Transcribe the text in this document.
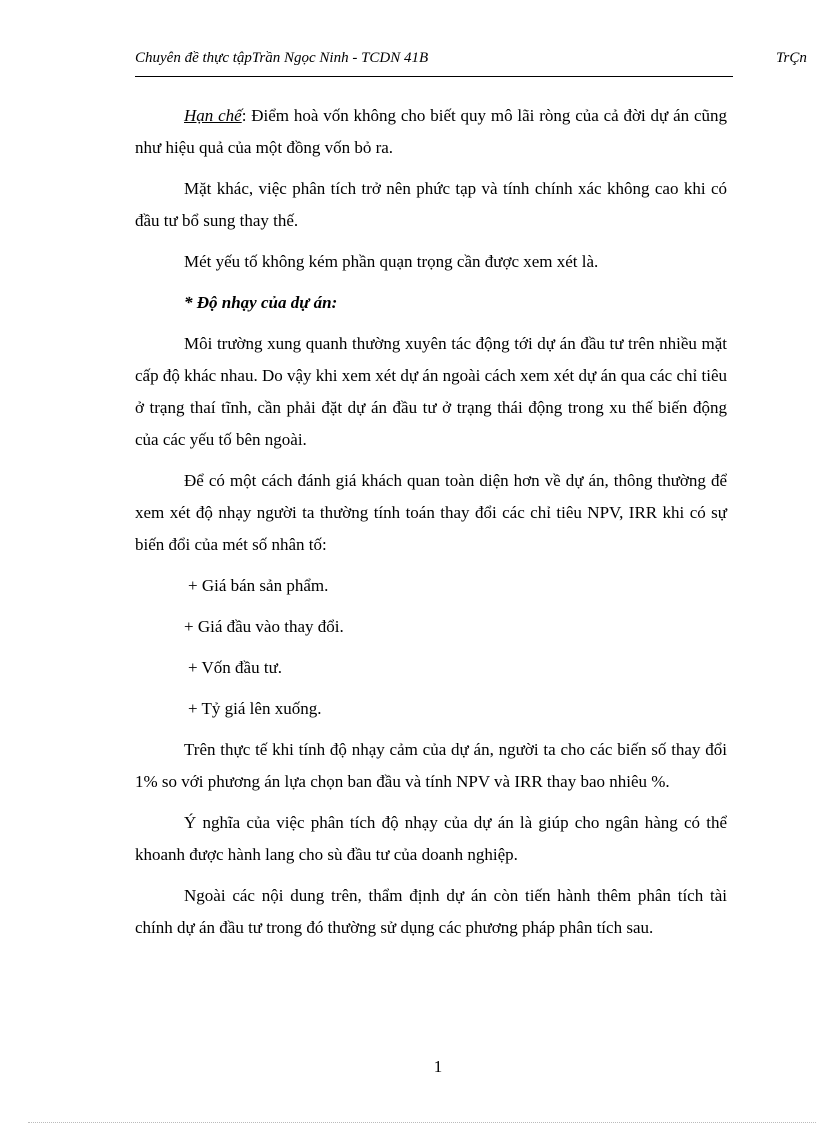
Chuyên đề thực tậpTrần Ngọc Ninh - TCDN 41B	TrÇn

Hạn chế: Điểm hoà vốn không cho biết quy mô lãi ròng của cả đời dự án cũng như hiệu quả của một đồng vốn bỏ ra.

Mặt khác, việc phân tích trở nên phức tạp và tính chính xác không cao khi có đầu tư bổ sung thay thế.

Mét yếu tố không kém phần quạn trọng cần được xem xét là.

* Độ nhạy của dự án:

Môi trường xung quanh thường xuyên tác động tới dự án đầu tư trên nhiều mặt cấp độ khác nhau. Do vậy khi xem xét dự án ngoài cách xem xét dự án qua các chỉ tiêu ở trạng thaí tĩnh, cần phải đặt dự án đầu tư ở trạng thái động trong xu thế biến động của các yếu tố bên ngoài.

Để có một cách đánh giá khách quan toàn diện hơn về dự án, thông thường để xem xét độ nhạy người ta thường tính toán thay đổi các chỉ tiêu NPV, IRR khi có sự biến đổi của mét số nhân tố:

+ Giá bán sản phẩm.
+ Giá đầu vào thay đổi.
+ Vốn đầu tư.
+ Tỷ giá lên xuống.

Trên thực tế khi tính độ nhạy cảm của dự án, người ta cho các biến số thay đổi 1% so với phương án lựa chọn ban đầu và tính NPV và IRR thay bao nhiêu %.

Ý nghĩa của việc phân tích độ nhạy của dự án là giúp cho ngân hàng có thể khoanh được hành lang cho sù đầu tư của doanh nghiệp.

Ngoài các nội dung trên, thẩm định dự án còn tiến hành thêm phân tích tài chính dự án đầu tư trong đó thường sử dụng các phương pháp phân tích sau.

1
